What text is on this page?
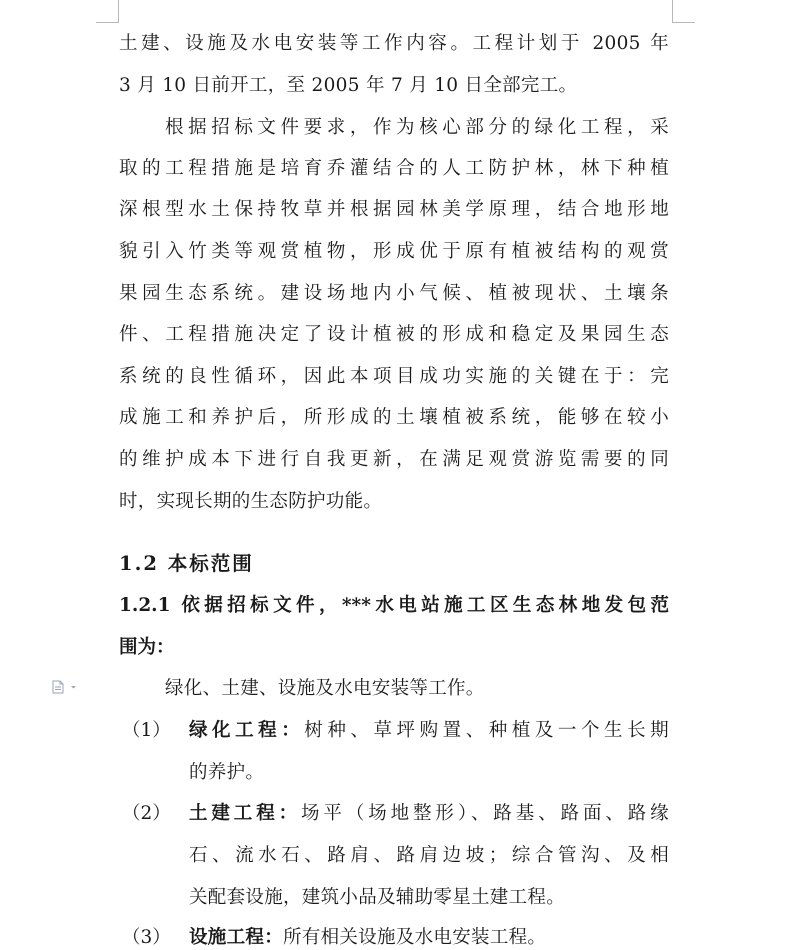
土建、设施及水电安装等工作内容。工程计划于 2005 年
3 月 10 日前开工，至 2005 年 7 月 10 日全部完工。
根据招标文件要求，作为核心部分的绿化工程，采
取的工程措施是培育乔灌结合的人工防护林，林下种植
深根型水土保持牧草并根据园林美学原理，结合地形地
貌引入竹类等观赏植物，形成优于原有植被结构的观赏
果园生态系统。建设场地内小气候、植被现状、土壤条
件、工程措施决定了设计植被的形成和稳定及果园生态
系统的良性循环，因此本项目成功实施的关键在于：完
成施工和养护后，所形成的土壤植被系统，能够在较小
的维护成本下进行自我更新，在满足观赏游览需要的同
时，实现长期的生态防护功能。
1.2 本标范围
1.2.1 依据招标文件，***水电站施工区生态林地发包范
围为：
绿化、土建、设施及水电安装等工作。
（1） 绿化工程：树种、草坪购置、种植及一个生长期
的养护。
（2） 土建工程：场平（场地整形）、路基、路面、路缘
石、流水石、路肩、路肩边坡；综合管沟、及相
关配套设施，建筑小品及辅助零星土建工程。
（3） 设施工程：所有相关设施及水电安装工程。
